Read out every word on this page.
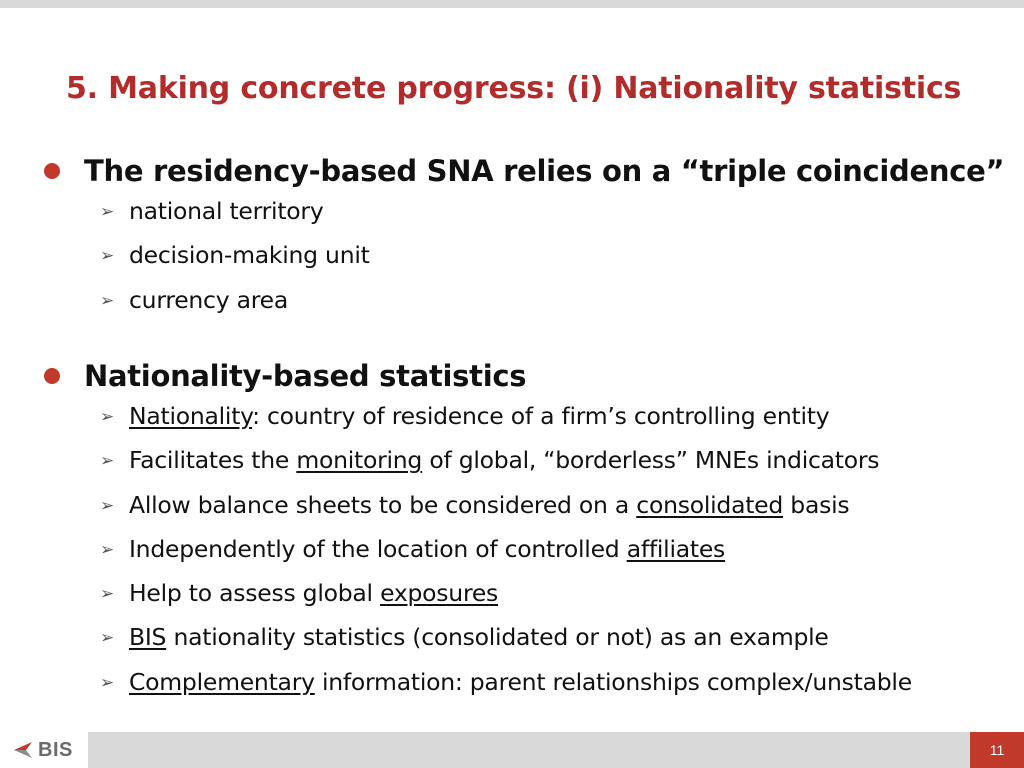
5. Making concrete progress: (i) Nationality statistics
The residency-based SNA relies on a “triple coincidence”
➢ national territory
➢ decision-making unit
➢ currency area
Nationality-based statistics
➢ Nationality: country of residence of a firm’s controlling entity
➢ Facilitates the monitoring of global, “borderless” MNEs indicators
➢ Allow balance sheets to be considered on a consolidated basis
➢ Independently of the location of controlled affiliates
➢ Help to assess global exposures
➢ BIS nationality statistics (consolidated or not) as an example
➢ Complementary information: parent relationships complex/unstable
BIS	11
